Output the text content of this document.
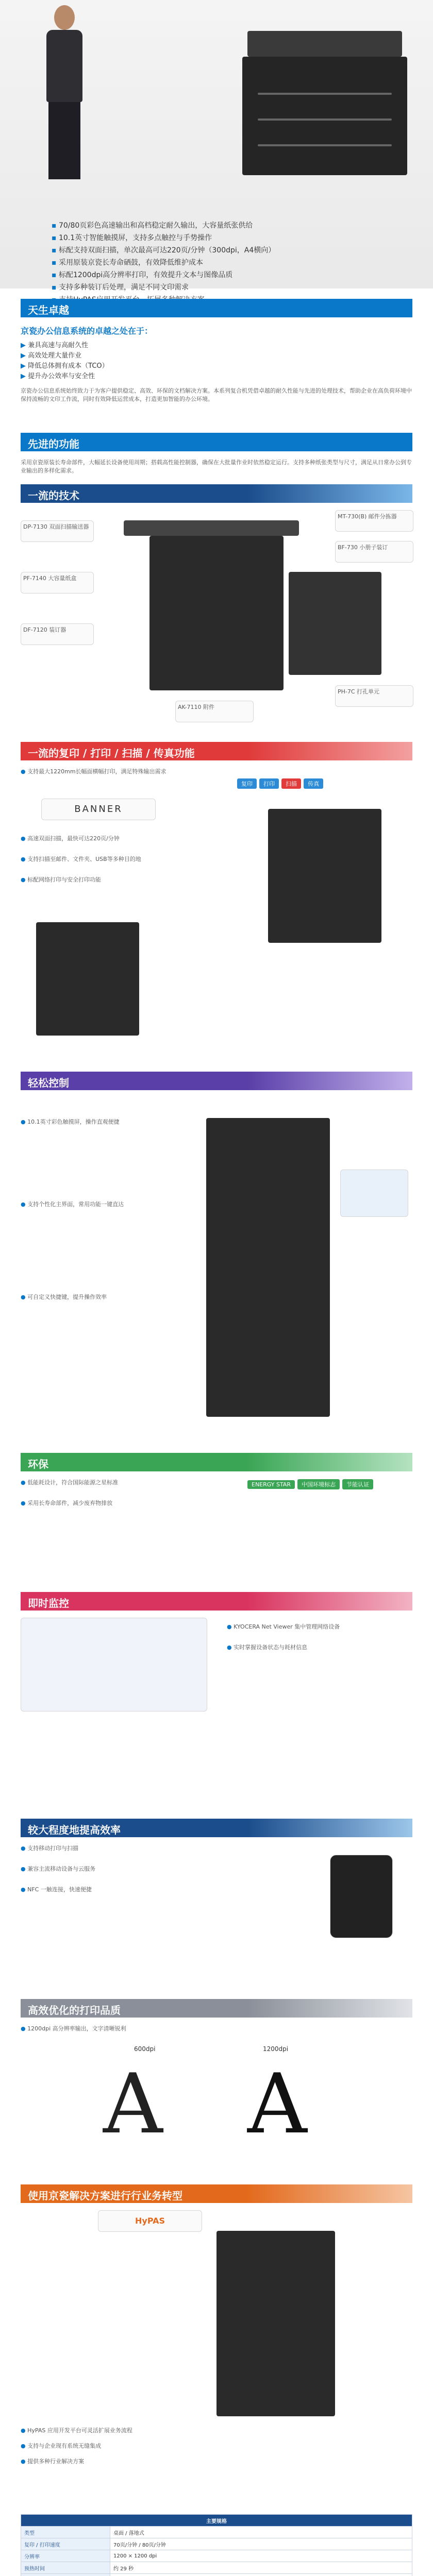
▪ 70/80页彩色高速输出和高档稳定耐久输出，大容量纸张供给
▪ 10.1英寸智能触摸屏，支持多点触控与手势操作
▪ 标配支持双面扫描，单次最高可达220页/分钟（300dpi，A4横向）
▪ 采用原装京瓷长寿命硒鼓，有效降低维护成本
▪ 标配1200dpi高分辨率打印，有效提升文本与图像品质
▪ 支持多种装订后处理，满足不同文印需求
▪
天生卓越
京瓷办公信息系统的卓越之处在于：
▶ 兼具高速与高耐久性
▶ 高效处理大量作业
▶ 降低总体拥有成本（TCO）
▶ 提升办公效率与安全性
京瓷办公信息系统始终致力于为客户提供稳定、高效、环保的文档解决方案。本系列复合机凭借卓越的耐久性能与先进的处理技术，帮助企业在高负荷环境中保持流畅的文印工作流，同时有效降低运营成本，打造更加智能的办公环境。
先进的功能
采用京瓷原装长寿命部件，大幅延长设备使用周期；搭载高性能控制器，确保在大批量作业时依然稳定运行。支持多种纸张类型与尺寸，满足从日常办公到专业输出的多样化需求。
一流的技术
DP-7130 双面扫描输送器
PF-7140 大容量纸盒
DF-7120 装订器
MT-730(B) 邮件分拣器
BF-730 小册子装订
PH-7C 打孔单元
AK-7110 附件
一流的复印 / 打印 / 扫描 / 传真功能
● 支持最大1220mm长幅面横幅打印，满足特殊输出需求
BANNER
● 高速双面扫描，最快可达220页/分钟
● 支持扫描至邮件、文件夹、USB等多种目的地
● 标配网络打印与安全打印功能
复印 打印 扫描 传真
轻松控制
● 10.1英寸彩色触摸屏，操作直观便捷
● 支持个性化主界面，常用功能一键直达
● 可自定义快捷键，提升操作效率
环保
● 低能耗设计，符合国际能源之星标准
● 采用长寿命部件，减少废弃物排放
ENERGY STAR 中国环境标志 节能认证
即时监控
● KYOCERA Net Viewer 集中管理网络设备
● 实时掌握设备状态与耗材信息
较大程度地提高效率
● 支持移动打印与扫描
● 兼容主流移动设备与云服务
● NFC 一触连接，快速便捷
高效优化的打印品质
● 1200dpi 高分辨率输出，文字清晰锐利
600dpi	1200dpi
A A
使用京瓷解决方案进行行业务转型
HyPAS
● HyPAS 应用开发平台可灵活扩展业务流程
● 支持与企业现有系统无缝集成
● 提供多种行业解决方案
主要规格	
类型	桌面 / 落地式
复印 / 打印速度	70页/分钟 / 80页/分钟
分辨率	1200 × 1200 dpi
预热时间	约 29 秒
